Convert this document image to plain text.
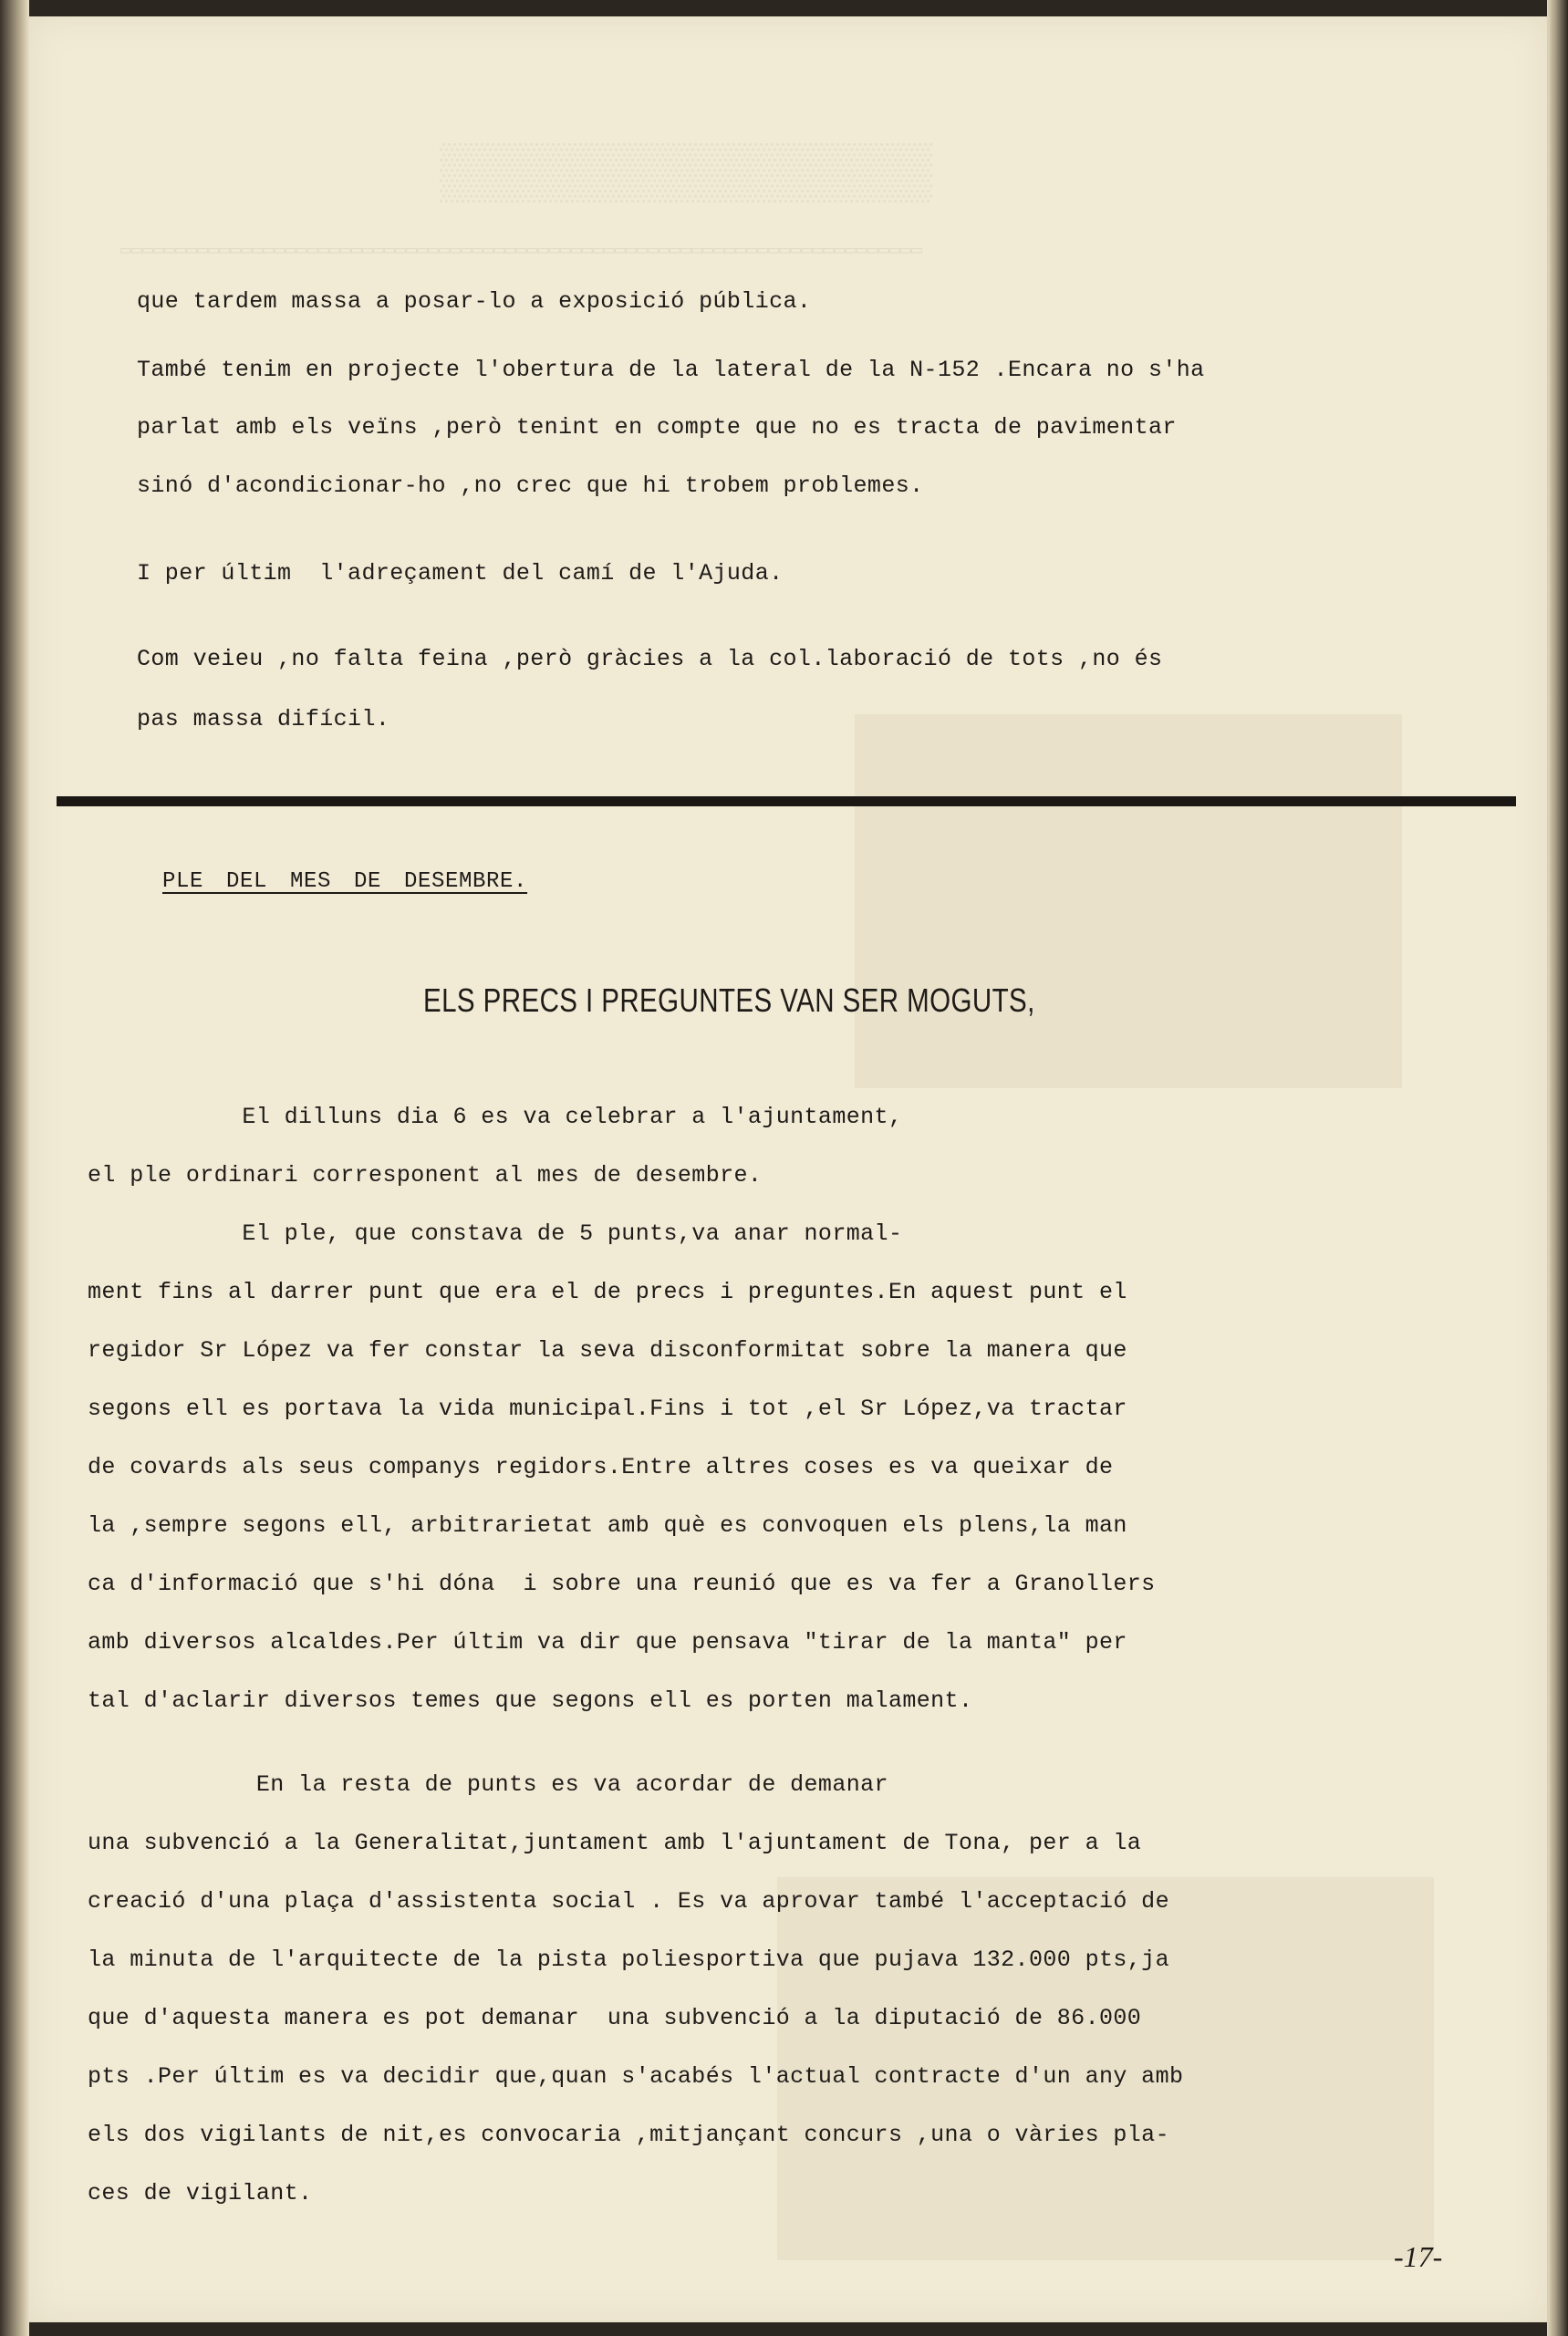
▒▒▒▒▒▒▒▒▒▒▒▒▒▒▒
▭▭▭▭▭▭▭▭▭▭▭▭▭▭▭▭▭▭▭▭▭▭▭▭▭▭▭▭▭▭▭▭▭▭▭▭▭▭▭▭▭▭▭▭▭▭▭▭▭▭▭▭▭▭▭▭▭▭▭▭▭▭▭▭▭▭▭▭▭▭▭▭▭

que tardem massa a posar-lo a exposició pública.

També tenim en projecte l'obertura de la lateral de la N-152 .Encara no s'ha

parlat amb els veïns ,però tenint en compte que no es tracta de pavimentar

sinó d'acondicionar-ho ,no crec que hi trobem problemes.

I per últim  l'adreçament del camí de l'Ajuda.

Com veieu ,no falta feina ,però gràcies a la col.laboració de tots ,no és

pas massa difícil.

PLE DEL MES DE DESEMBRE.
ELS PRECS I PREGUNTES VAN SER MOGUTS,

El dilluns dia 6 es va celebrar a l'ajuntament,

el ple ordinari corresponent al mes de desembre.

El ple, que constava de 5 punts,va anar normal-

ment fins al darrer punt que era el de precs i preguntes.En aquest punt el

regidor Sr López va fer constar la seva disconformitat sobre la manera que

segons ell es portava la vida municipal.Fins i tot ,el Sr López,va tractar

de covards als seus companys regidors.Entre altres coses es va queixar de

la ,sempre segons ell, arbitrarietat amb què es convoquen els plens,la man

ca d'informació que s'hi dóna  i sobre una reunió que es va fer a Granollers

amb diversos alcaldes.Per últim va dir que pensava "tirar de la manta" per

tal d'aclarir diversos temes que segons ell es porten malament.

En la resta de punts es va acordar de demanar

una subvenció a la Generalitat,juntament amb l'ajuntament de Tona, per a la

creació d'una plaça d'assistenta social . Es va aprovar també l'acceptació de

la minuta de l'arquitecte de la pista poliesportiva que pujava 132.000 pts,ja

que d'aquesta manera es pot demanar  una subvenció a la diputació de 86.000

pts .Per últim es va decidir que,quan s'acabés l'actual contracte d'un any amb

els dos vigilants de nit,es convocaria ,mitjançant concurs ,una o vàries pla-

ces de vigilant.

-17-
